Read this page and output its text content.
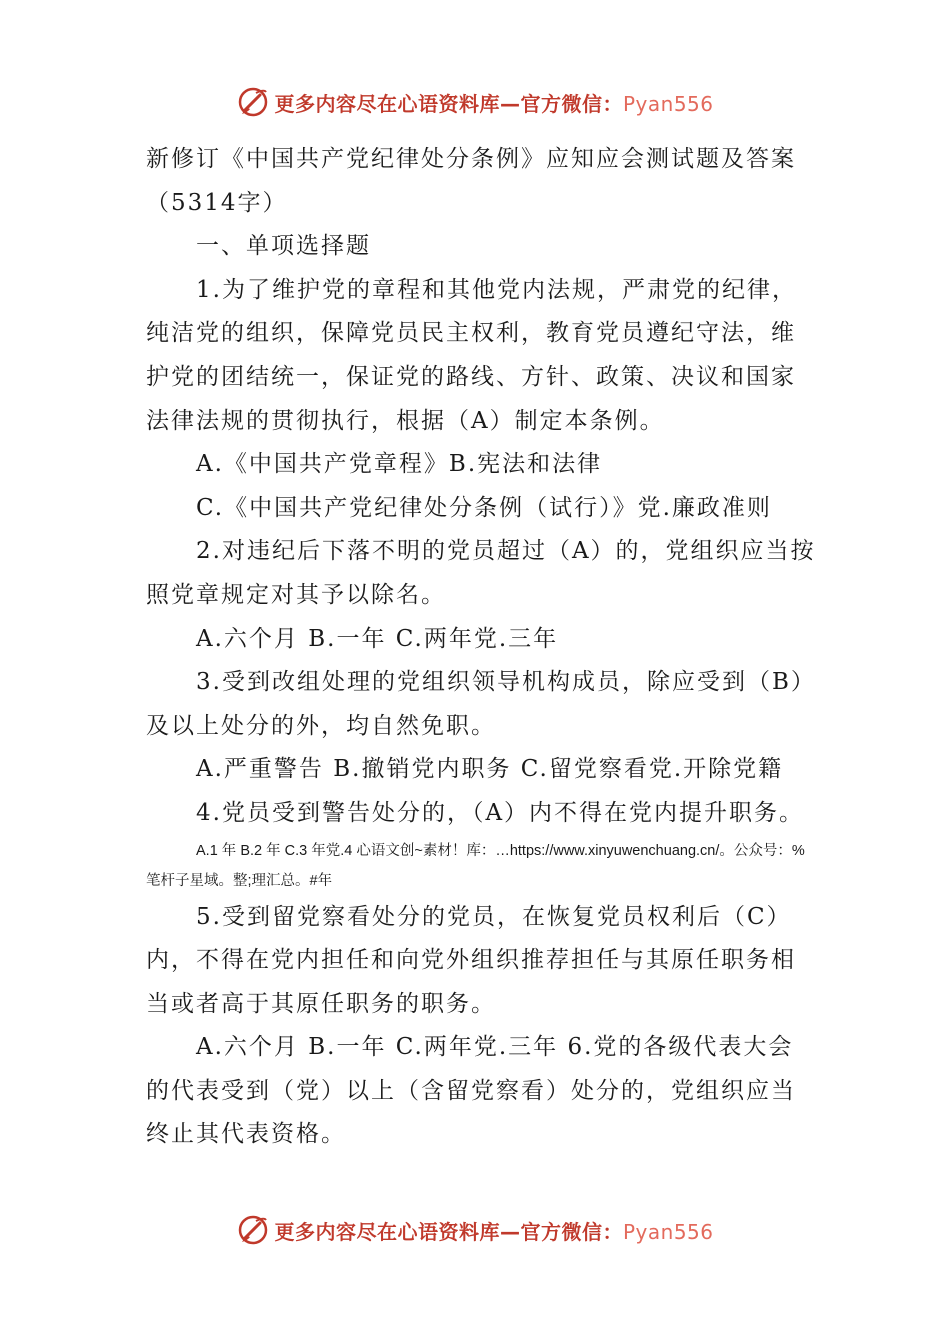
更多内容尽在心语资料库—官方微信：Pyan556

新修订《中国共产党纪律处分条例》应知应会测试题及答案（5314字）

一、单项选择题

1.为了维护党的章程和其他党内法规，严肃党的纪律，纯洁党的组织，保障党员民主权利，教育党员遵纪守法，维护党的团结统一，保证党的路线、方针、政策、决议和国家法律法规的贯彻执行，根据（A）制定本条例。

A.《中国共产党章程》B.宪法和法律

C.《中国共产党纪律处分条例（试行）》党.廉政准则

2.对违纪后下落不明的党员超过（A）的，党组织应当按照党章规定对其予以除名。

A.六个月 B.一年 C.两年党.三年

3.受到改组处理的党组织领导机构成员，除应受到（B）及以上处分的外，均自然免职。

A.严重警告 B.撤销党内职务 C.留党察看党.开除党籍

4.党员受到警告处分的，（A）内不得在党内提升职务。

A.1 年 B.2 年 C.3 年党.4 心语文创~素材！库：…https://www.xinyuwenchuang.cn/。公众号：%笔杆子星域。整;理汇总。#年

5.受到留党察看处分的党员，在恢复党员权利后（C）内，不得在党内担任和向党外组织推荐担任与其原任职务相当或者高于其原任职务的职务。

A.六个月 B.一年 C.两年党.三年 6.党的各级代表大会的代表受到（党）以上（含留党察看）处分的，党组织应当终止其代表资格。

更多内容尽在心语资料库—官方微信：Pyan556
